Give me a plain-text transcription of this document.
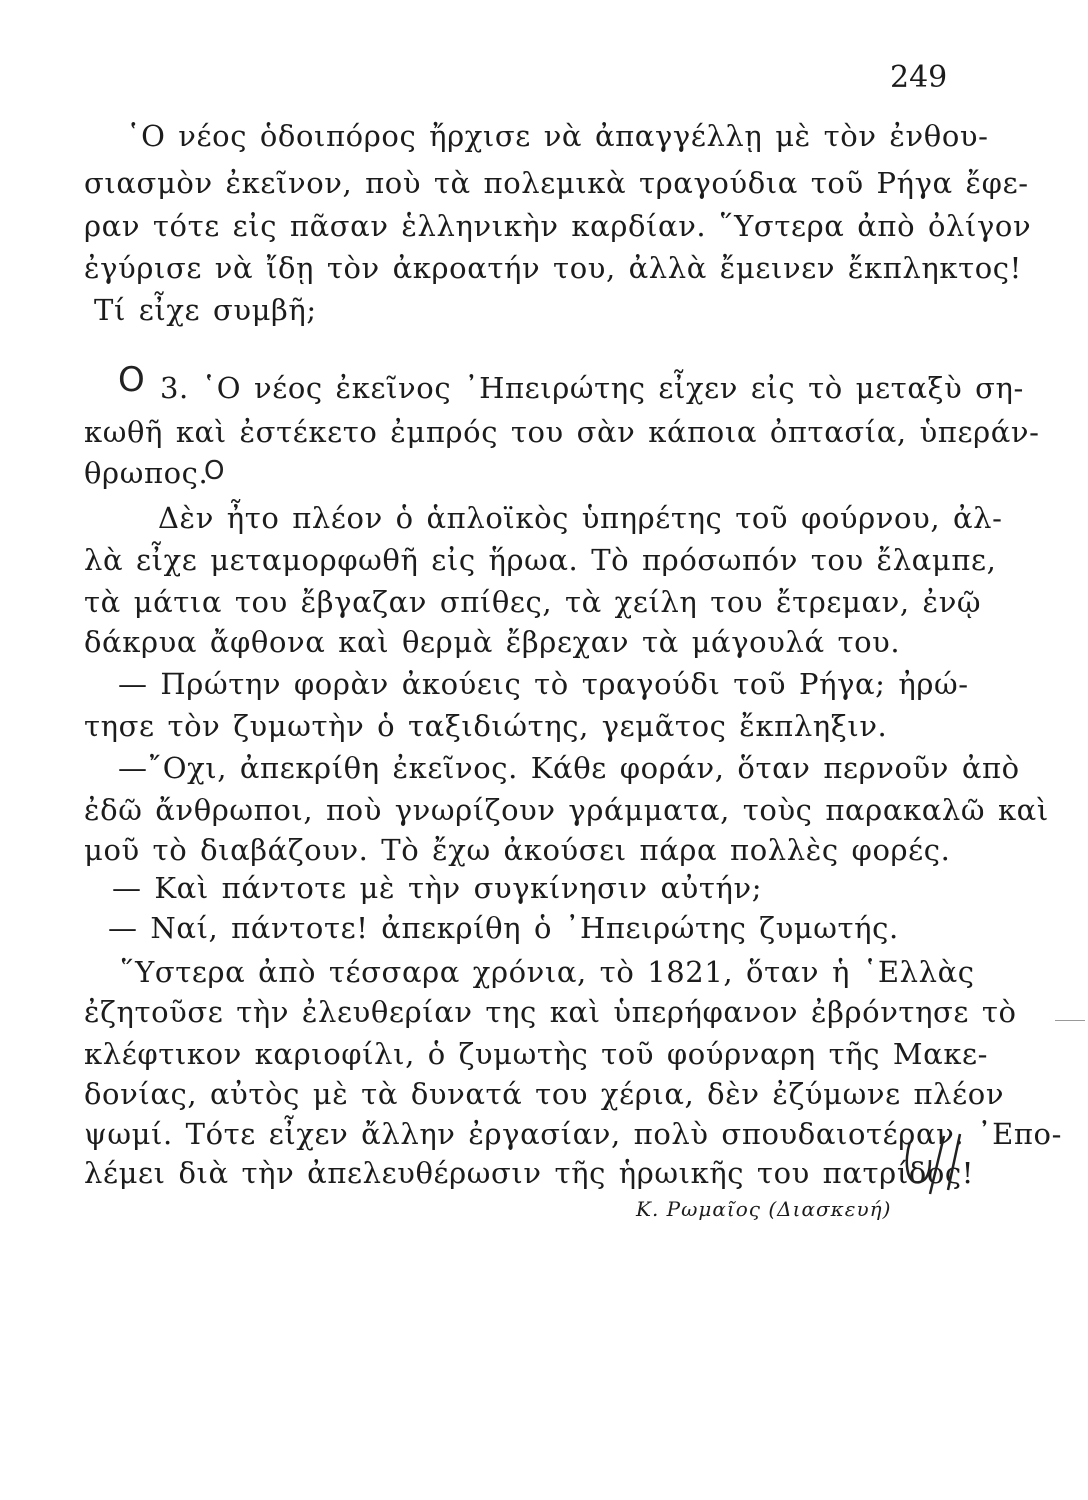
249
῾Ο νέος ὁδοιπόρος ἤρχισε νὰ ἀπαγγέλλῃ μὲ τὸν ἐνθου-
σιασμὸν ἐκεῖνον, ποὺ τὰ πολεμικὰ τραγούδια τοῦ Ρήγα ἔφε-
ραν τότε εἰς πᾶσαν ἑλληνικὴν καρδίαν. ῞Υστερα ἀπὸ ὀλίγον
ἐγύρισε νὰ ἴδῃ τὸν ἀκροατήν του, ἀλλὰ ἔμεινεν ἔκπληκτος!
Τί εἶχε συμβῆ;
3. ῾Ο νέος ἐκεῖνος ᾿Ηπειρώτης εἶχεν εἰς τὸ μεταξὺ ση-
κωθῆ καὶ ἐστέκετο ἐμπρός του σὰν κάποια ὀπτασία, ὑπεράν-
θρωπος.
Δὲν ἦτο πλέον ὁ ἁπλοϊκὸς ὑπηρέτης τοῦ φούρνου, ἀλ-
λὰ εἶχε μεταμορφωθῆ εἰς ἥρωα. Τὸ πρόσωπόν του ἔλαμπε,
τὰ μάτια του ἔβγαζαν σπίθες, τὰ χείλη του ἔτρεμαν, ἐνῷ
δάκρυα ἄφθονα καὶ θερμὰ ἔβρεχαν τὰ μάγουλά του.
— Πρώτην φορὰν ἀκούεις τὸ τραγούδι τοῦ Ρήγα; ἠρώ-
τησε τὸν ζυμωτὴν ὁ ταξιδιώτης, γεμᾶτος ἔκπληξιν.
—῎Οχι, ἀπεκρίθη ἐκεῖνος. Κάθε φοράν, ὅταν περνοῦν ἀπὸ
ἐδῶ ἄνθρωποι, ποὺ γνωρίζουν γράμματα, τοὺς παρακαλῶ καὶ
μοῦ τὸ διαβάζουν. Τὸ ἔχω ἀκούσει πάρα πολλὲς φορές.
— Καὶ πάντοτε μὲ τὴν συγκίνησιν αὐτήν;
— Ναί, πάντοτε! ἀπεκρίθη ὁ ᾿Ηπειρώτης ζυμωτής.
῞Υστερα ἀπὸ τέσσαρα χρόνια, τὸ 1821, ὅταν ἡ ῾Ελλὰς
ἐζητοῦσε τὴν ἐλευθερίαν της καὶ ὑπερήφανον ἐβρόντησε τὸ
κλέφτικον καριοφίλι, ὁ ζυμωτὴς τοῦ φούρναρη τῆς Μακε-
δονίας, αὐτὸς μὲ τὰ δυνατά του χέρια, δὲν ἐζύμωνε πλέον
ψωμί. Τότε εἶχεν ἄλλην ἐργασίαν, πολὺ σπουδαιοτέραν. ᾿Επο-
λέμει διὰ τὴν ἀπελευθέρωσιν τῆς ἡρωικῆς του πατρίδος!
Κ. Ρωμαῖος (Διασκευή)
O
O
